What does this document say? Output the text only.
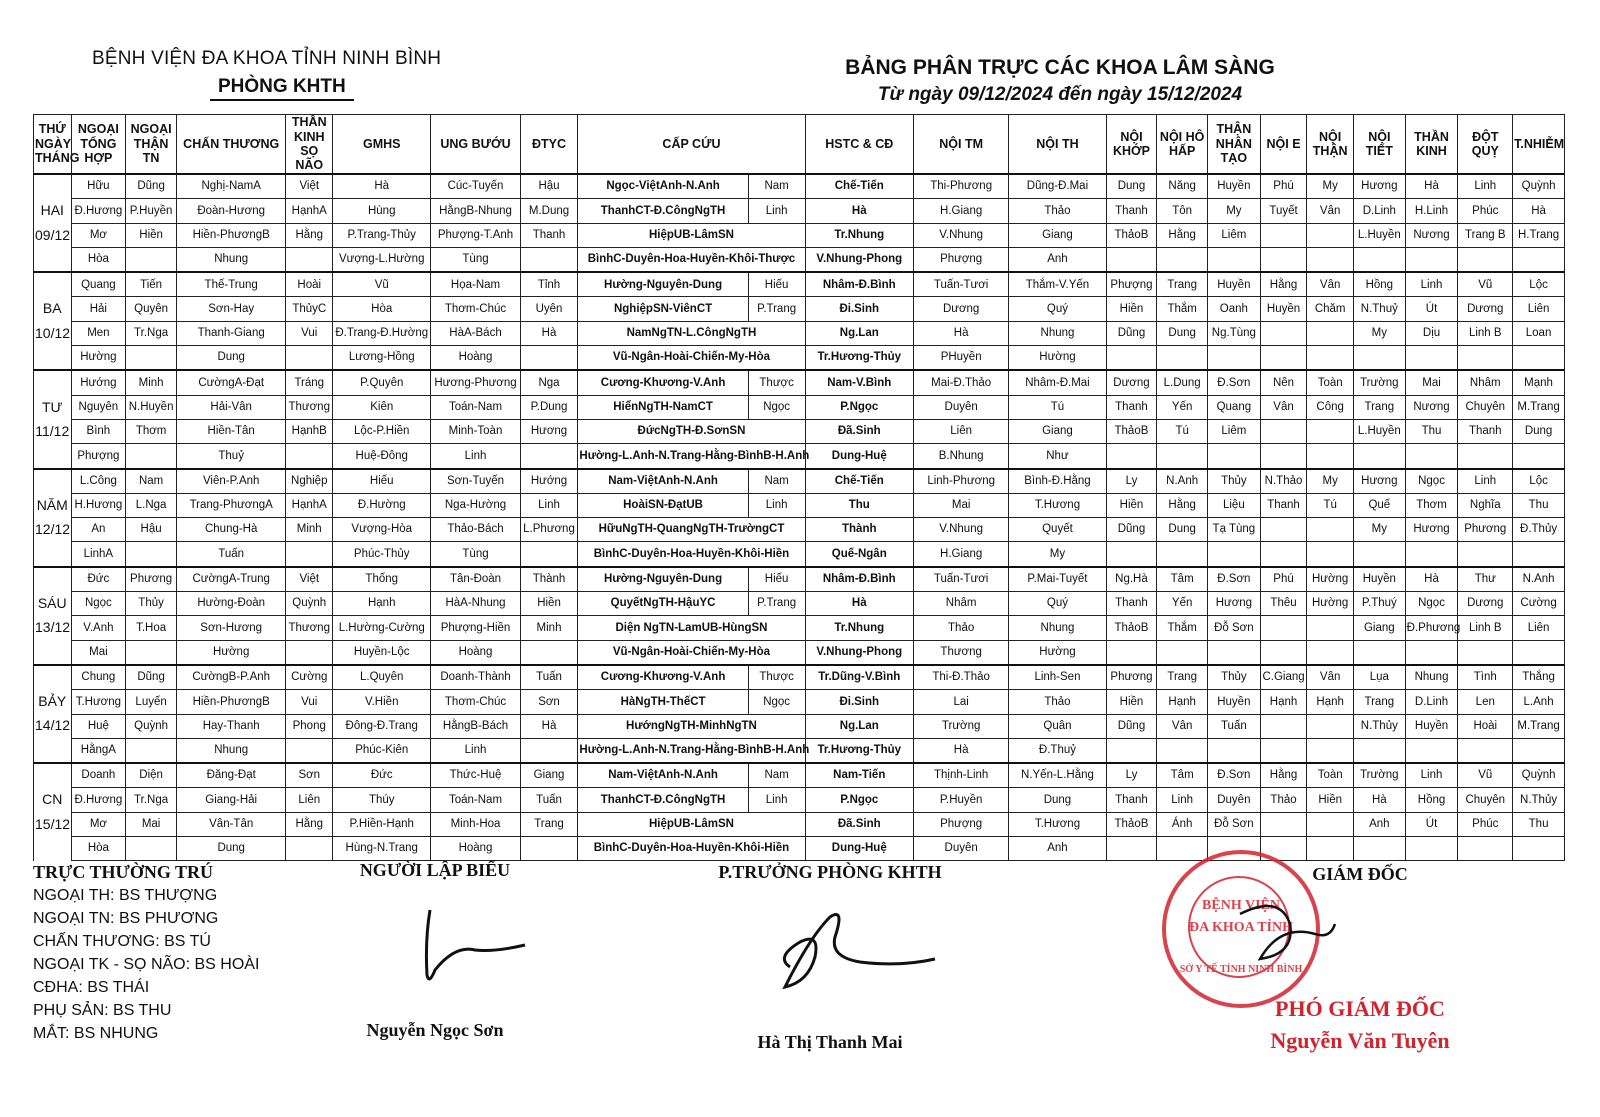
BỆNH VIỆN ĐA KHOA TỈNH NINH BÌNH
PHÒNG KHTH
BẢNG PHÂN TRỰC CÁC KHOA LÂM SÀNG
Từ ngày 09/12/2024 đến ngày 15/12/2024
THỨ NGÀY THÁNG	NGOẠI TỔNG HỢP	NGOẠI THẬN TN	CHẤN THƯƠNG	THẦN KINH SỌ NÃO	GMHS	UNG BƯỚU	ĐTYC	CẤP CỨU		HSTC & CĐ	NỘI TM	NỘI TH	NỘI KHỚP	NỘI HÔ HẤP	THẬN NHÂN TẠO	NỘI E	NỘI THẬN	NỘI TIẾT	THẦN KINH	ĐỘT QUỴ	T.NHIỄM
	Hữu	Dũng	Nghị-NamA	Việt	Hà	Cúc-Tuyến	Hậu	Ngọc-ViệtAnh-N.Anh	Nam	Chế-Tiến	Thi-Phương	Dũng-Đ.Mai	Dung	Năng	Huyền	Phú	My	Hương	Hà	Linh	Quỳnh
HAI	Đ.Hương	P.Huyền	Đoàn-Hương	HạnhA	Hùng	HằngB-Nhung	M.Dung	ThanhCT-Đ.CôngNgTH	Linh	Hà	H.Giang	Thảo	Thanh	Tôn	My	Tuyết	Vân	D.Linh	H.Linh	Phúc	Hà
09/12	Mơ	Hiền	Hiền-PhươngB	Hằng	P.Trang-Thủy	Phượng-T.Anh	Thanh	HiệpUB-LâmSN		Tr.Nhung	V.Nhung	Giang	ThảoB	Hằng	Liêm			L.Huyền	Nương	Trang B	H.Trang
	Hòa		Nhung		Vượng-L.Hường	Tùng		BìnhC-Duyên-Hoa-Huyền-Khôi-Thược		V.Nhung-Phong	Phượng	Anh									
	Quang	Tiến	Thế-Trung	Hoài	Vũ	Họa-Nam	Tỉnh	Hường-Nguyên-Dung	Hiếu	Nhâm-Đ.Bình	Tuấn-Tươi	Thắm-V.Yến	Phượng	Trang	Huyền	Hằng	Vân	Hồng	Linh	Vũ	Lộc
BA	Hải	Quyên	Sơn-Hay	ThủyC	Hòa	Thơm-Chúc	Uyên	NghiệpSN-ViênCT	P.Trang	Đi.Sinh	Dương	Quý	Hiền	Thắm	Oanh	Huyền	Chăm	N.Thuỷ	Út	Dương	Liên
10/12	Men	Tr.Nga	Thanh-Giang	Vui	Đ.Trang-Đ.Hường	HàA-Bách	Hà	NamNgTN-L.CôngNgTH		Ng.Lan	Hà	Nhung	Dũng	Dung	Ng.Tùng			My	Dịu	Linh B	Loan
	Hường		Dung		Lương-Hồng	Hoàng		Vũ-Ngân-Hoài-Chiến-My-Hòa		Tr.Hương-Thủy	PHuyền	Hường									
	Hướng	Minh	CườngA-Đạt	Tráng	P.Quyên	Hương-Phương	Nga	Cương-Khương-V.Anh	Thược	Nam-V.Bình	Mai-Đ.Thảo	Nhâm-Đ.Mai	Dương	L.Dung	Đ.Sơn	Nên	Toàn	Trường	Mai	Nhâm	Mạnh
TƯ	Nguyên	N.Huyền	Hải-Vân	Thương	Kiên	Toán-Nam	P.Dung	HiểnNgTH-NamCT	Ngọc	P.Ngọc	Duyên	Tú	Thanh	Yến	Quang	Vân	Công	Trang	Nương	Chuyên	M.Trang
11/12	Bình	Thơm	Hiền-Tân	HạnhB	Lộc-P.Hiền	Minh-Toàn	Hương	ĐứcNgTH-Đ.SơnSN		Đã.Sinh	Liên	Giang	ThảoB	Tú	Liêm			L.Huyền	Thu	Thanh	Dung
	Phượng		Thuỷ		Huệ-Đông	Linh		Hường-L.Anh-N.Trang-Hằng-BìnhB-H.Anh		Dung-Huệ	B.Nhung	Như									
	L.Công	Nam	Viên-P.Anh	Nghiệp	Hiếu	Sơn-Tuyến	Hướng	Nam-ViệtAnh-N.Anh	Nam	Chế-Tiến	Linh-Phương	Bình-Đ.Hằng	Ly	N.Anh	Thủy	N.Thảo	My	Hương	Ngọc	Linh	Lộc
NĂM	H.Hương	L.Nga	Trang-PhươngA	HạnhA	Đ.Hường	Nga-Hường	Linh	HoàiSN-ĐạtUB	Linh	Thu	Mai	T.Hương	Hiền	Hằng	Liệu	Thanh	Tú	Quế	Thơm	Nghĩa	Thu
12/12	An	Hậu	Chung-Hà	Minh	Vượng-Hòa	Thảo-Bách	L.Phương	HữuNgTH-QuangNgTH-TrườngCT		Thành	V.Nhung	Quyết	Dũng	Dung	Tạ Tùng			My	Hương	Phương	Đ.Thủy
	LinhA		Tuấn		Phúc-Thủy	Tùng		BìnhC-Duyên-Hoa-Huyền-Khôi-Hiền		Quế-Ngân	H.Giang	My									
	Đức	Phương	CườngA-Trung	Việt	Thống	Tân-Đoàn	Thành	Hường-Nguyên-Dung	Hiếu	Nhâm-Đ.Bình	Tuấn-Tươi	P.Mai-Tuyết	Ng.Hà	Tâm	Đ.Sơn	Phú	Hường	Huyền	Hà	Thư	N.Anh
SÁU	Ngọc	Thủy	Hường-Đoàn	Quỳnh	Hạnh	HàA-Nhung	Hiền	QuyếtNgTH-HậuYC	P.Trang	Hà	Nhâm	Quý	Thanh	Yến	Hương	Thêu	Hường	P.Thuý	Ngọc	Dương	Cường
13/12	V.Anh	T.Hoa	Sơn-Hương	Thương	L.Hường-Cường	Phượng-Hiền	Minh	Diện NgTN-LamUB-HùngSN		Tr.Nhung	Thảo	Nhung	ThảoB	Thắm	Đỗ Sơn			Giang	Đ.Phương	Linh B	Liên
	Mai		Hường		Huyền-Lộc	Hoàng		Vũ-Ngân-Hoài-Chiến-My-Hòa		V.Nhung-Phong	Thương	Hường									
	Chung	Dũng	CườngB-P.Anh	Cường	L.Quyên	Doanh-Thành	Tuấn	Cương-Khương-V.Anh	Thược	Tr.Dũng-V.Bình	Thi-Đ.Thảo	Linh-Sen	Phương	Trang	Thủy	C.Giang	Vân	Lụa	Nhung	Tình	Thắng
BẢY	T.Hương	Luyến	Hiền-PhươngB	Vui	V.Hiền	Thơm-Chúc	Sơn	HàNgTH-ThếCT	Ngọc	Đi.Sinh	Lai	Thảo	Hiền	Hạnh	Huyền	Hạnh	Hạnh	Trang	D.Linh	Len	L.Anh
14/12	Huệ	Quỳnh	Hay-Thanh	Phong	Đông-Đ.Trang	HằngB-Bách	Hà	HướngNgTH-MinhNgTN		Ng.Lan	Trường	Quân	Dũng	Vân	Tuấn			N.Thủy	Huyền	Hoài	M.Trang
	HằngA		Nhung		Phúc-Kiên	Linh		Hường-L.Anh-N.Trang-Hằng-BìnhB-H.Anh		Tr.Hương-Thủy	Hà	Đ.Thuỷ									
	Doanh	Diện	Đăng-Đạt	Sơn	Đức	Thức-Huệ	Giang	Nam-ViệtAnh-N.Anh	Nam	Nam-Tiến	Thịnh-Linh	N.Yến-L.Hằng	Ly	Tâm	Đ.Sơn	Hằng	Toàn	Trường	Linh	Vũ	Quỳnh
CN	Đ.Hương	Tr.Nga	Giang-Hải	Liên	Thúy	Toán-Nam	Tuấn	ThanhCT-Đ.CôngNgTH	Linh	P.Ngọc	P.Huyền	Dung	Thanh	Linh	Duyên	Thảo	Hiền	Hà	Hồng	Chuyên	N.Thủy
15/12	Mơ	Mai	Vân-Tân	Hằng	P.Hiền-Hạnh	Minh-Hoa	Trang	HiệpUB-LâmSN		Đã.Sinh	Phượng	T.Hương	ThảoB	Ánh	Đỗ Sơn			Anh	Út	Phúc	Thu
	Hòa		Dung		Hùng-N.Trang	Hoàng		BìnhC-Duyên-Hoa-Huyền-Khôi-Hiền		Dung-Huệ	Duyên	Anh									
TRỰC THƯỜNG TRÚ
NGOẠI TH: BS THƯỢNG
NGOẠI TN: BS PHƯƠNG
CHẤN THƯƠNG: BS TÚ
NGOẠI TK - SỌ NÃO: BS HOÀI
CĐHA: BS THÁI
PHỤ SẢN: BS THU
MẮT: BS NHUNG
NGƯỜI LẬP BIỂU
Nguyễn Ngọc Sơn
P.TRƯỞNG PHÒNG KHTH
Hà Thị Thanh Mai
BỆNH VIỆN
ĐA KHOA TỈNH
SỞ Y TẾ TỈNH NINH BÌNH
GIÁM ĐỐC
PHÓ GIÁM ĐỐC
Nguyễn Văn Tuyên
